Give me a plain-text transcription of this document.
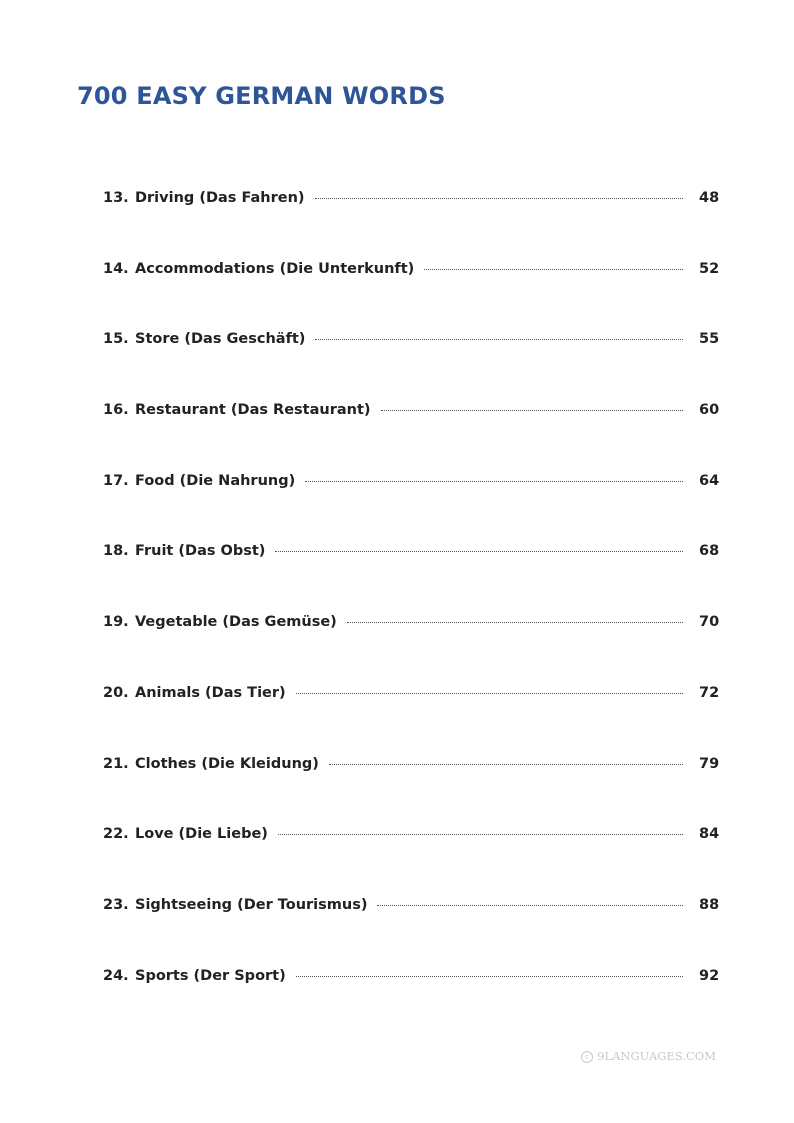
700 EASY GERMAN WORDS
13. Driving (Das Fahren)	48
14. Accommodations (Die Unterkunft)	52
15. Store (Das Geschäft)	55
16. Restaurant (Das Restaurant)	60
17. Food (Die Nahrung)	64
18. Fruit (Das Obst)	68
19. Vegetable (Das Gemüse)	70
20. Animals (Das Tier)	72
21. Clothes (Die Kleidung)	79
22. Love (Die Liebe)	84
23. Sightseeing (Der Tourismus)	88
24. Sports (Der Sport)	92
c 9LANGUAGES.COM
